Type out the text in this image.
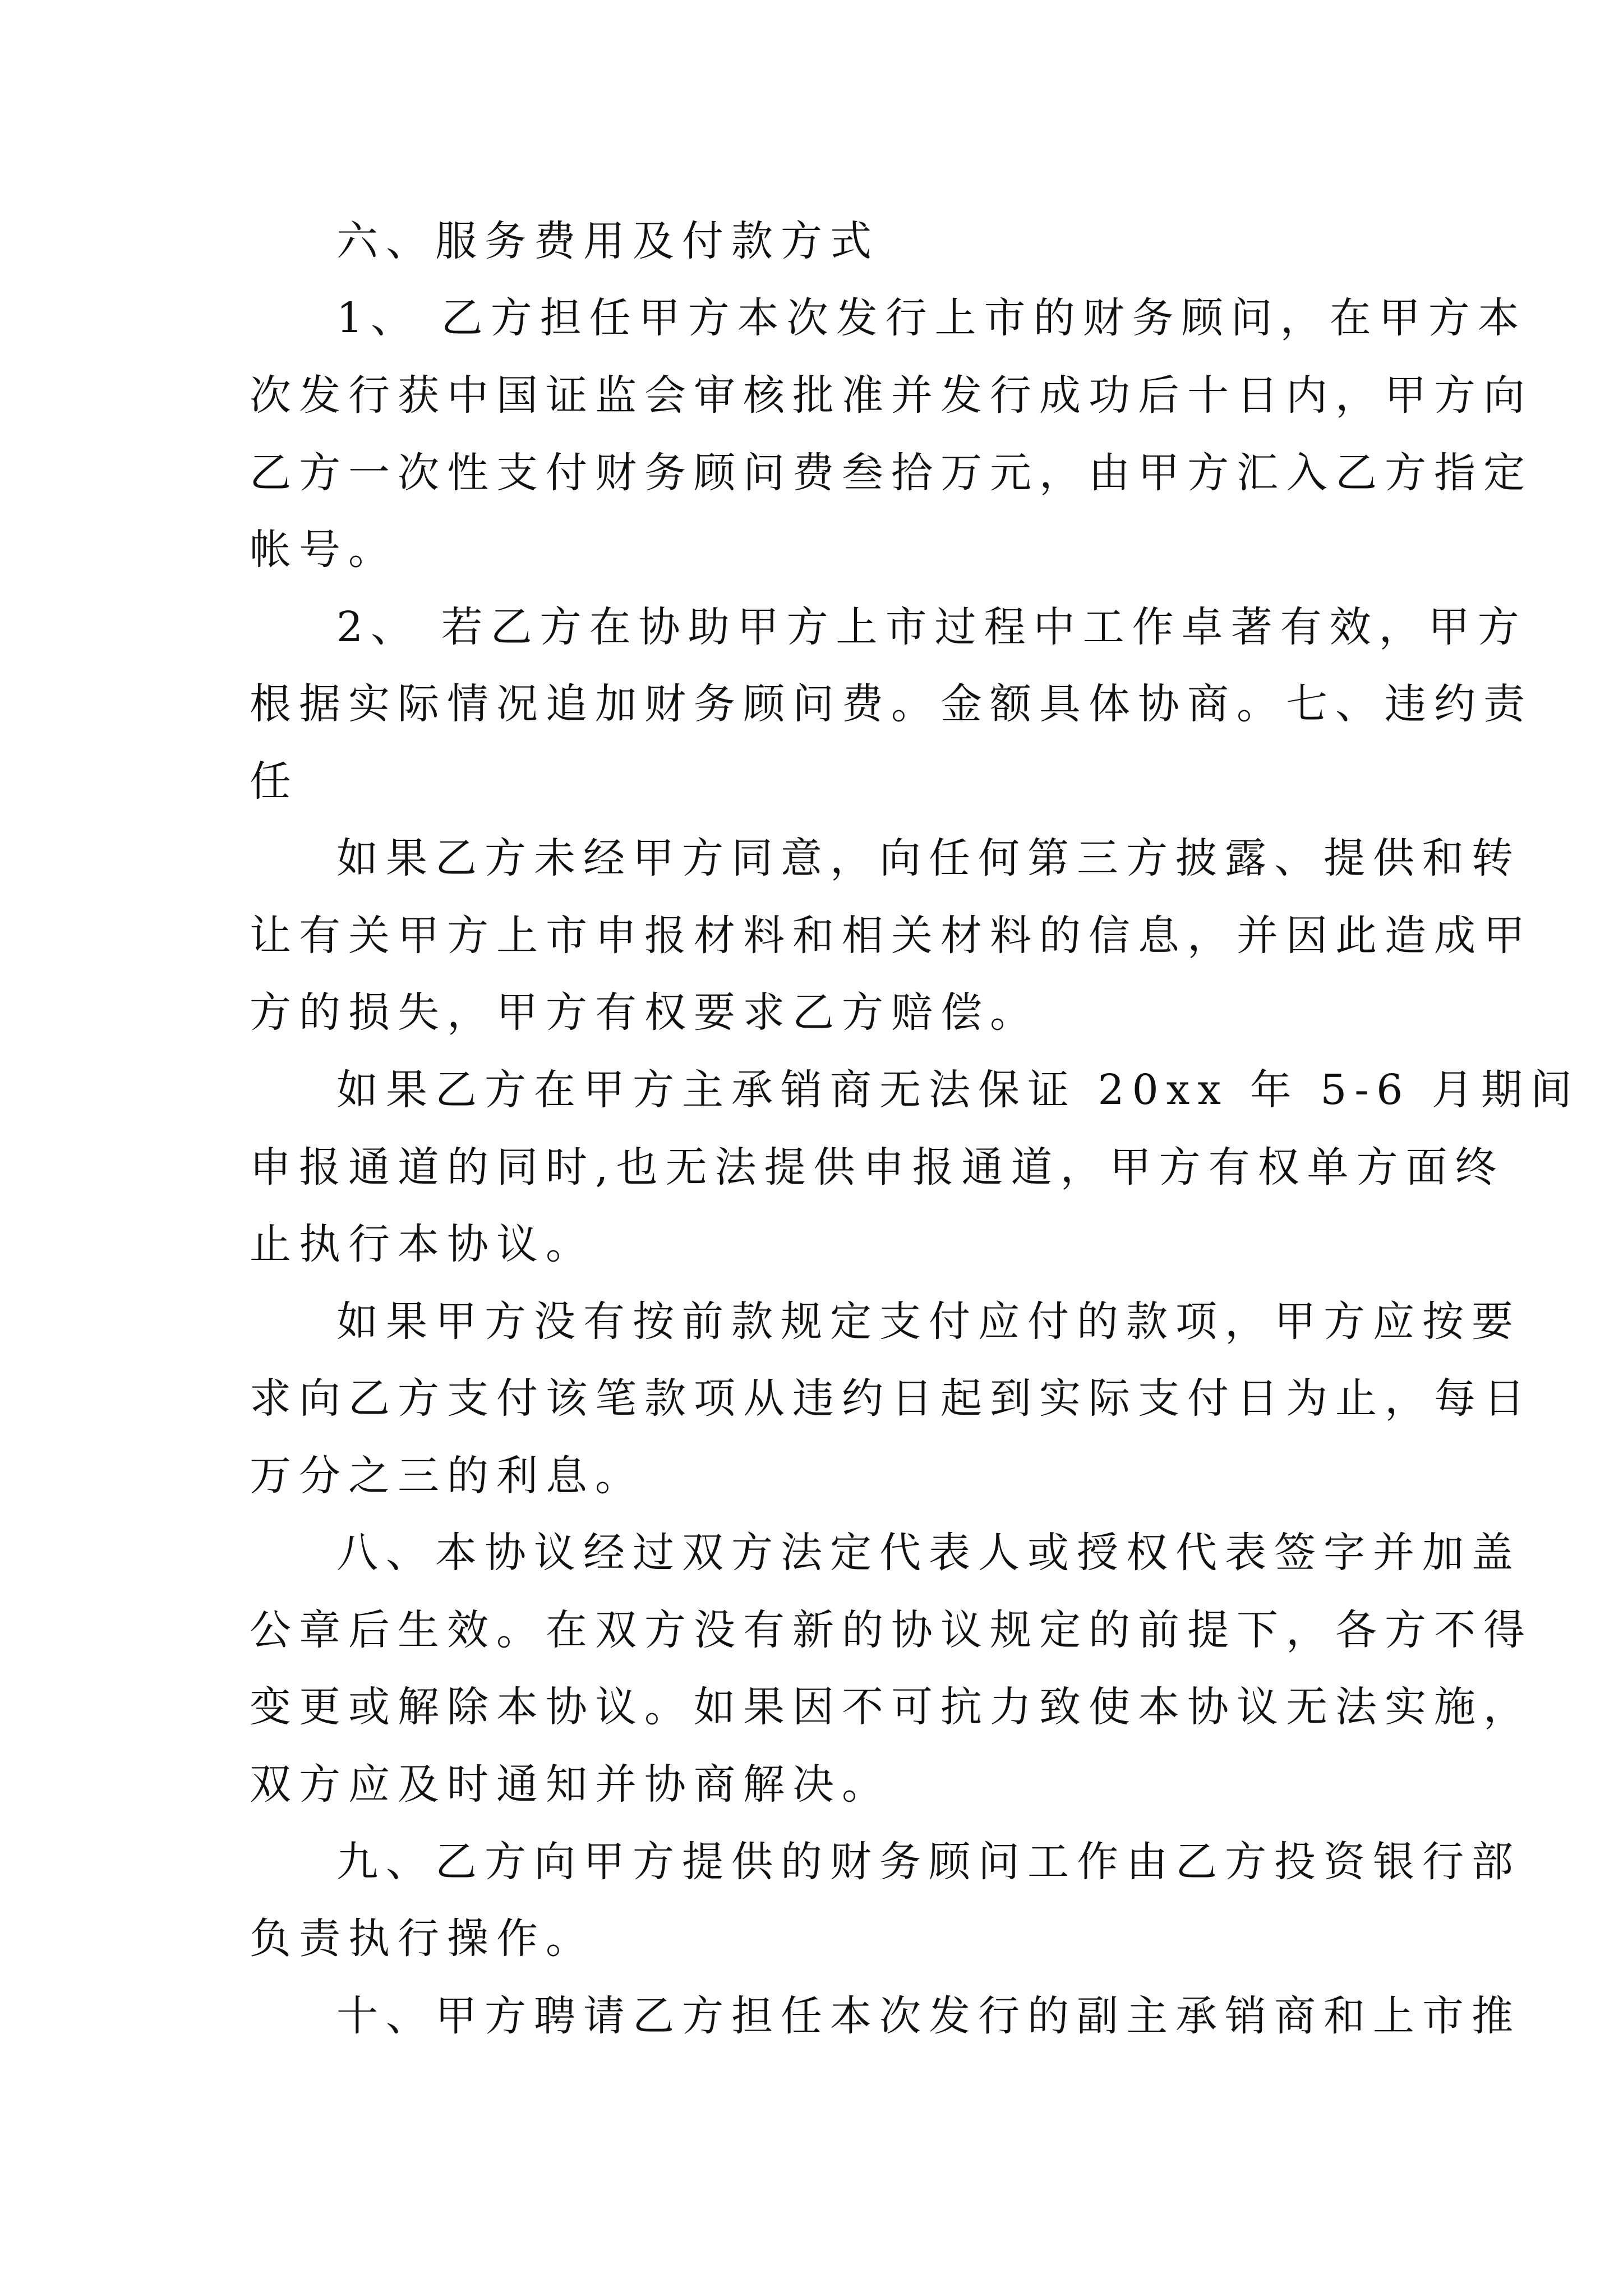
六、服务费用及付款方式
1、 乙方担任甲方本次发行上市的财务顾问，在甲方本
次发行获中国证监会审核批准并发行成功后十日内，甲方向
乙方一次性支付财务顾问费叁拾万元，由甲方汇入乙方指定
帐号。
2、 若乙方在协助甲方上市过程中工作卓著有效，甲方
根据实际情况追加财务顾问费。金额具体协商。七、违约责
任
如果乙方未经甲方同意，向任何第三方披露、提供和转
让有关甲方上市申报材料和相关材料的信息，并因此造成甲
方的损失，甲方有权要求乙方赔偿。
如果乙方在甲方主承销商无法保证 20xx 年 5-6 月期间
申报通道的同时,也无法提供申报通道，甲方有权单方面终
止执行本协议。
如果甲方没有按前款规定支付应付的款项，甲方应按要
求向乙方支付该笔款项从违约日起到实际支付日为止，每日
万分之三的利息。
八、本协议经过双方法定代表人或授权代表签字并加盖
公章后生效。在双方没有新的协议规定的前提下，各方不得
变更或解除本协议。如果因不可抗力致使本协议无法实施，
双方应及时通知并协商解决。
九、乙方向甲方提供的财务顾问工作由乙方投资银行部
负责执行操作。
十、甲方聘请乙方担任本次发行的副主承销商和上市推
